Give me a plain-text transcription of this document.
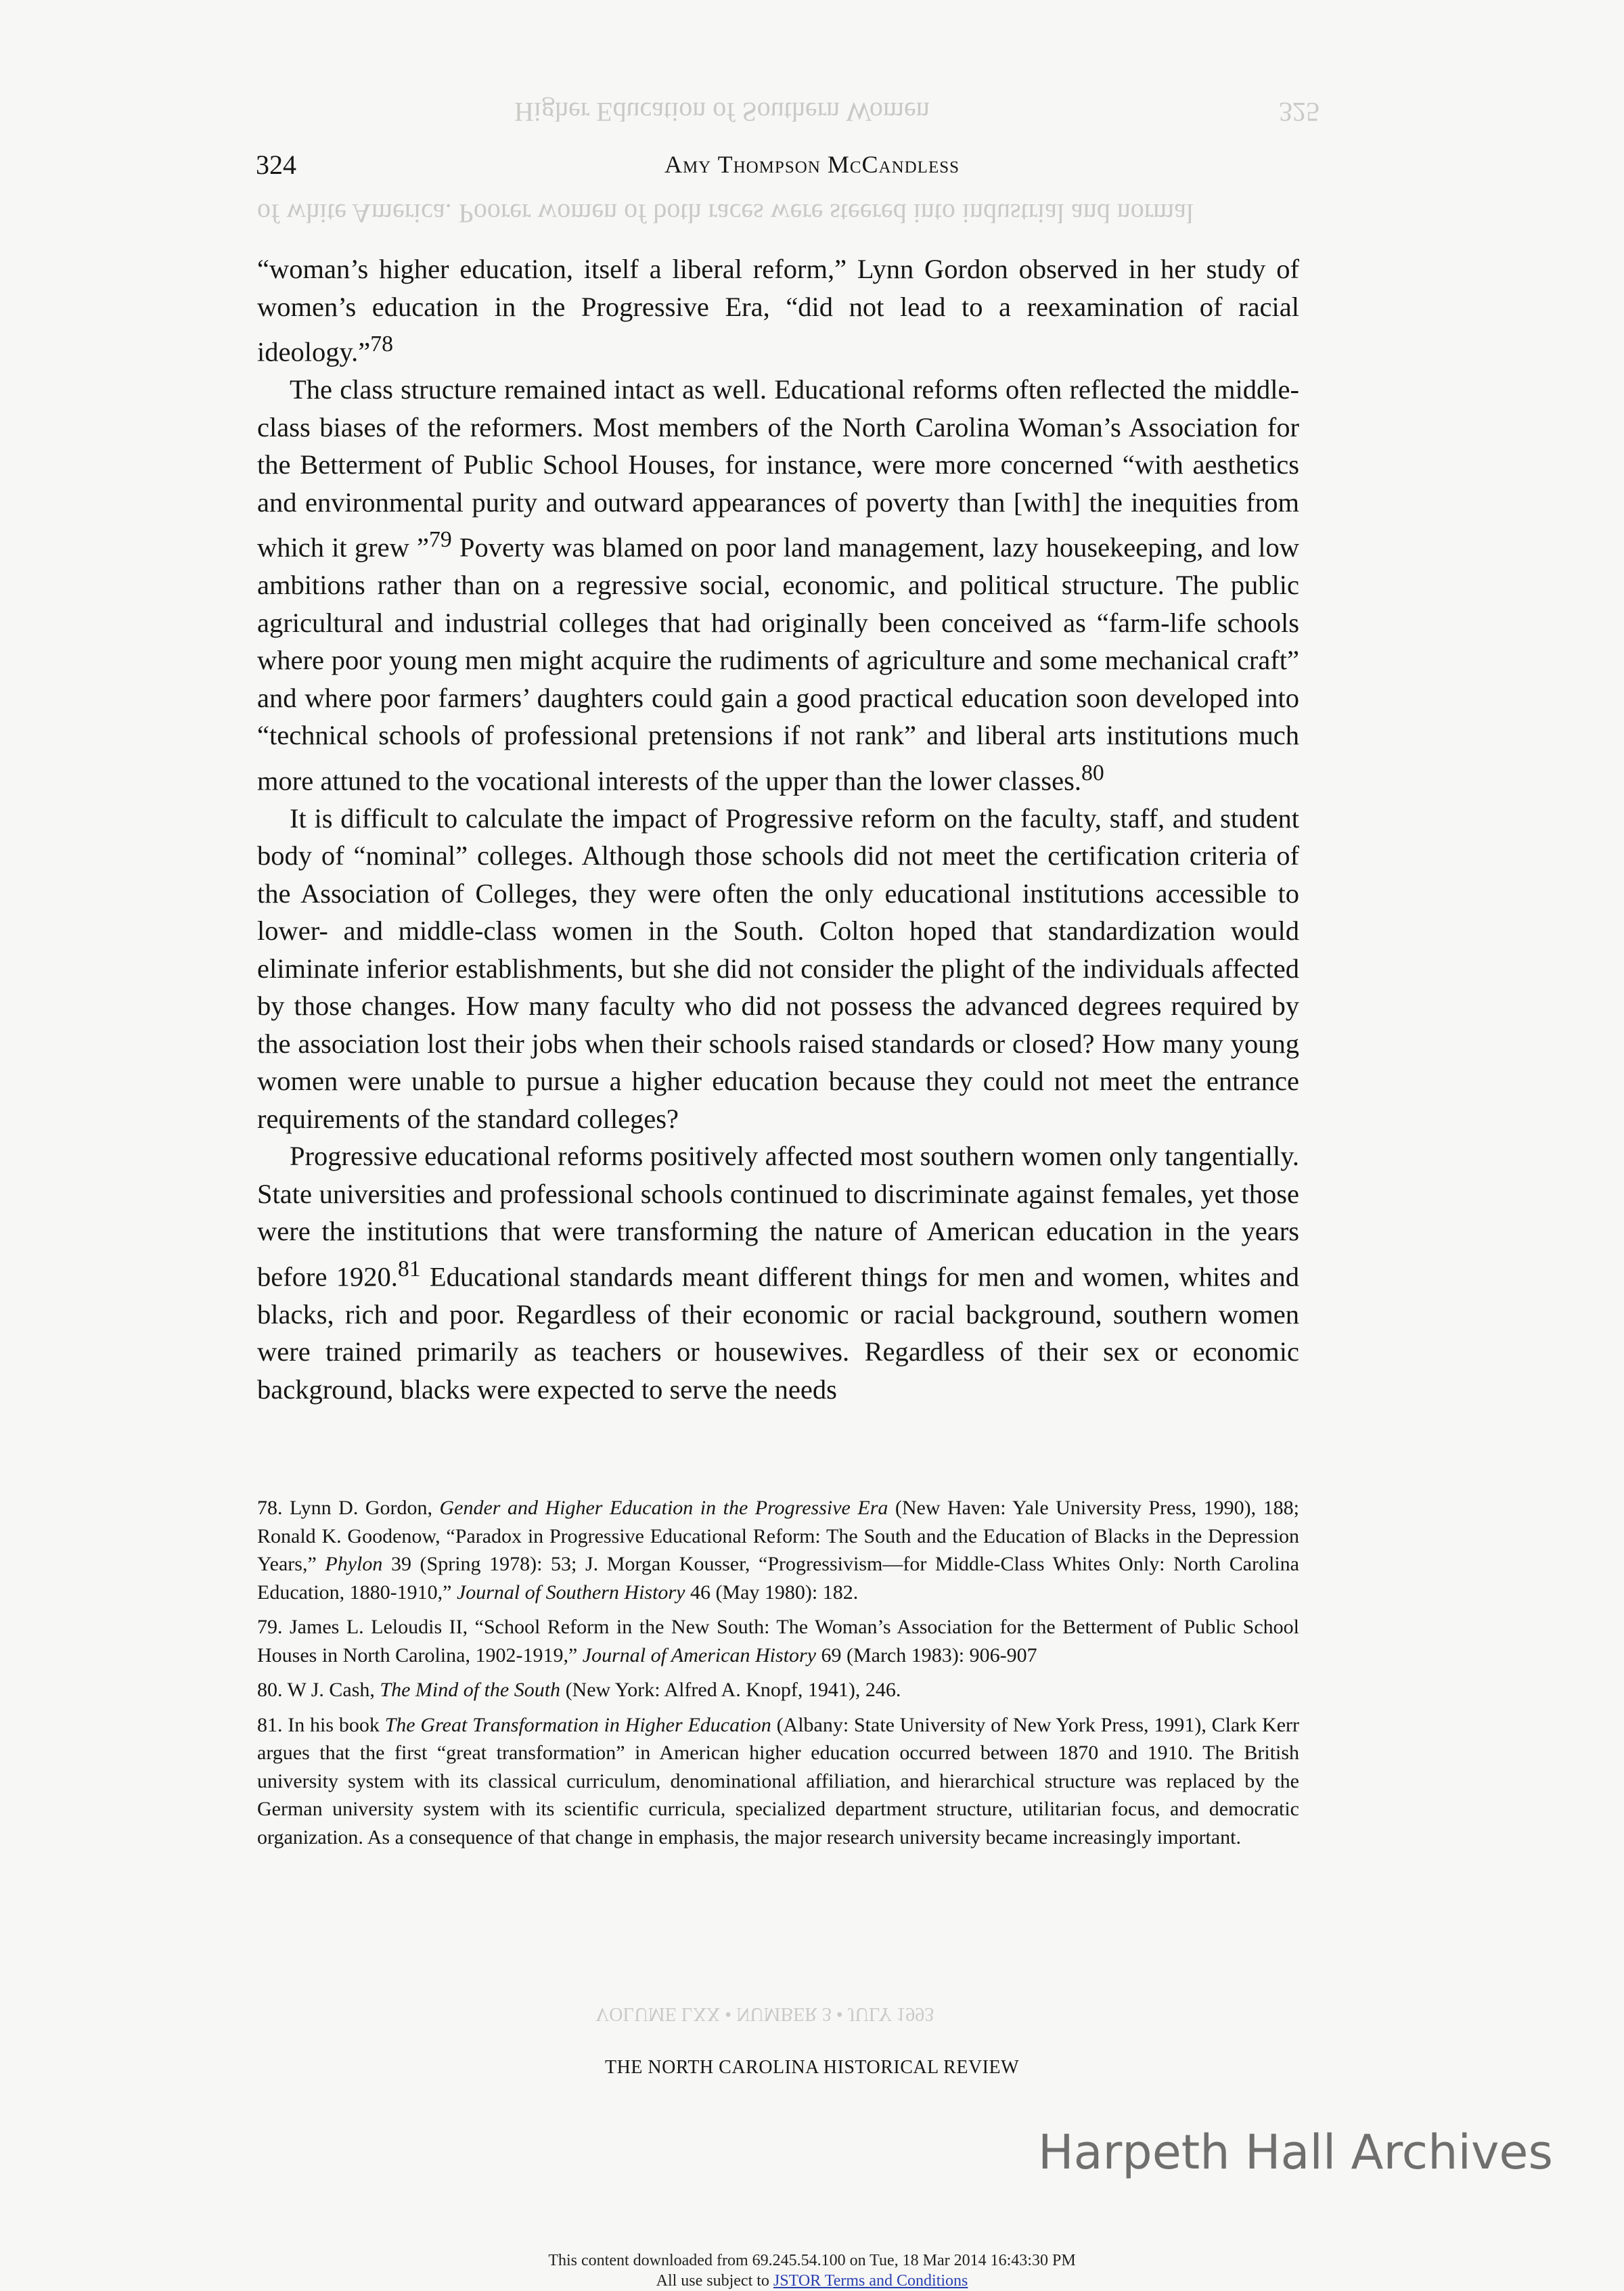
Higher Education of Southern Women	325
of white America. Poorer women of both races were steered into industrial and normal
VOLUME LXX • NUMBER 3 • JULY 1993
324	Amy Thompson McCandless

“woman’s higher education, itself a liberal reform,” Lynn Gordon observed in her study of women’s education in the Progressive Era, “did not lead to a reexamination of racial ideology.”$^{78}$

The class structure remained intact as well. Educational reforms often reflected the middle-class biases of the reformers. Most members of the North Carolina Woman’s Association for the Betterment of Public School Houses, for instance, were more concerned “with aesthetics and environmental purity and outward appearances of poverty than [with] the inequities from which it grew ”$^{79}$ Poverty was blamed on poor land management, lazy housekeeping, and low ambitions rather than on a regressive social, economic, and political structure. The public agricultural and industrial colleges that had originally been conceived as “farm-life schools where poor young men might acquire the rudiments of agriculture and some mechanical craft” and where poor farmers’ daughters could gain a good practical education soon developed into “technical schools of professional pretensions if not rank” and liberal arts institutions much more attuned to the vocational interests of the upper than the lower classes.$^{80}$

It is difficult to calculate the impact of Progressive reform on the faculty, staff, and student body of “nominal” colleges. Although those schools did not meet the certification criteria of the Association of Colleges, they were often the only educational institutions accessible to lower- and middle-class women in the South. Colton hoped that standardization would eliminate inferior establishments, but she did not consider the plight of the individuals affected by those changes. How many faculty who did not possess the advanced degrees required by the association lost their jobs when their schools raised standards or closed? How many young women were unable to pursue a higher education because they could not meet the entrance requirements of the standard colleges?

Progressive educational reforms positively affected most southern women only tangentially. State universities and professional schools continued to discriminate against females, yet those were the institutions that were transforming the nature of American education in the years before 1920.81 Educational standards meant different things for men and women, whites and blacks, rich and poor. Regardless of their economic or racial background, southern women were trained primarily as teachers or housewives. Regardless of their sex or economic background, blacks were expected to serve the needs

78. Lynn D. Gordon, Gender and Higher Education in the Progressive Era (New Haven: Yale University Press, 1990), 188; Ronald K. Goodenow, “Paradox in Progressive Educational Reform: The South and the Education of Blacks in the Depression Years,” Phylon 39 (Spring 1978): 53; J. Morgan Kousser, “Progressivism—for Middle-Class Whites Only: North Carolina Education, 1880-1910,” Journal of Southern History 46 (May 1980): 182.

79. James L. Leloudis II, “School Reform in the New South: The Woman’s Association for the Betterment of Public School Houses in North Carolina, 1902-1919,” Journal of American History 69 (March 1983): 906-907

80. W J. Cash, The Mind of the South (New York: Alfred A. Knopf, 1941), 246.

81. In his book The Great Transformation in Higher Education (Albany: State University of New York Press, 1991), Clark Kerr argues that the first “great transformation” in American higher education occurred between 1870 and 1910. The British university system with its classical curriculum, denominational affiliation, and hierarchical structure was replaced by the German university system with its scientific curricula, specialized department structure, utilitarian focus, and democratic organization. As a consequence of that change in emphasis, the major research university became increasingly important.

THE NORTH CAROLINA HISTORICAL REVIEW
Harpeth Hall Archives
This content downloaded from 69.245.54.100 on Tue, 18 Mar 2014 16:43:30 PM
All use subject to JSTOR Terms and Conditions
